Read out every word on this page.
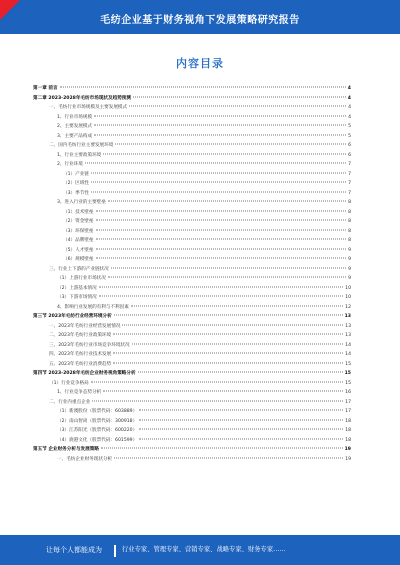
毛纺企业基于财务视角下发展策略研究报告
内容目录
第一章 前言	4
第二章 2023-2028年毛纺市场现状及趋势预测	4
一、毛纺行业市场规模及主要发展模式	4
1、行业市场规模	4
2、主要发展模式	5
3、主要产品构成	5
二、国内毛纺行业主要发展环境	6
1、行业主要政策环境	6
2、行业环境	7
（1）产业链	7
（2）区域性	7
（3）季节性	7
3、进入行业的主要壁垒	8
（1）技术壁垒	8
（2）资金壁垒	8
（3）环保壁垒	8
（4）品牌壁垒	8
（5）人才壁垒	9
（6）规模壁垒	9
三、行业上下游的产业链状况	9
（1）上游行业市场状况	9
（2）上游基本情况	10
（3）下游市场情况	10
4、影响行业发展的有利与不利因素	12
第三节 2023年毛纺行业经营环境分析	13
一、2023年毛纺行业经营发展情况	13
二、2023年毛纺行业政策环境	13
三、2023年毛纺行业市场竞争环境状况	14
四、2023年毛纺行业技术发展	14
五、2023年毛纺行业消费趋势	15
第四节 2023-2028年毛纺企业财务视角策略分析	15
（1）行业竞争格局	15
1、行业竞争态势分析	16
二、行业内重点企业	17
（1）新澳股份（股票代码：603889）	17
（2）南山智尚（股票代码：300918）	18
（3）江苏阳光（股票代码：600220）	18
（4）鹿港文化（股票代码：601599）	18
第五节 企业财务分析与发展策略	19
一、毛纺企业财务现状分析	19
让每个人都能成为	行业专家、管理专家、营销专家、战略专家、财务专家……
